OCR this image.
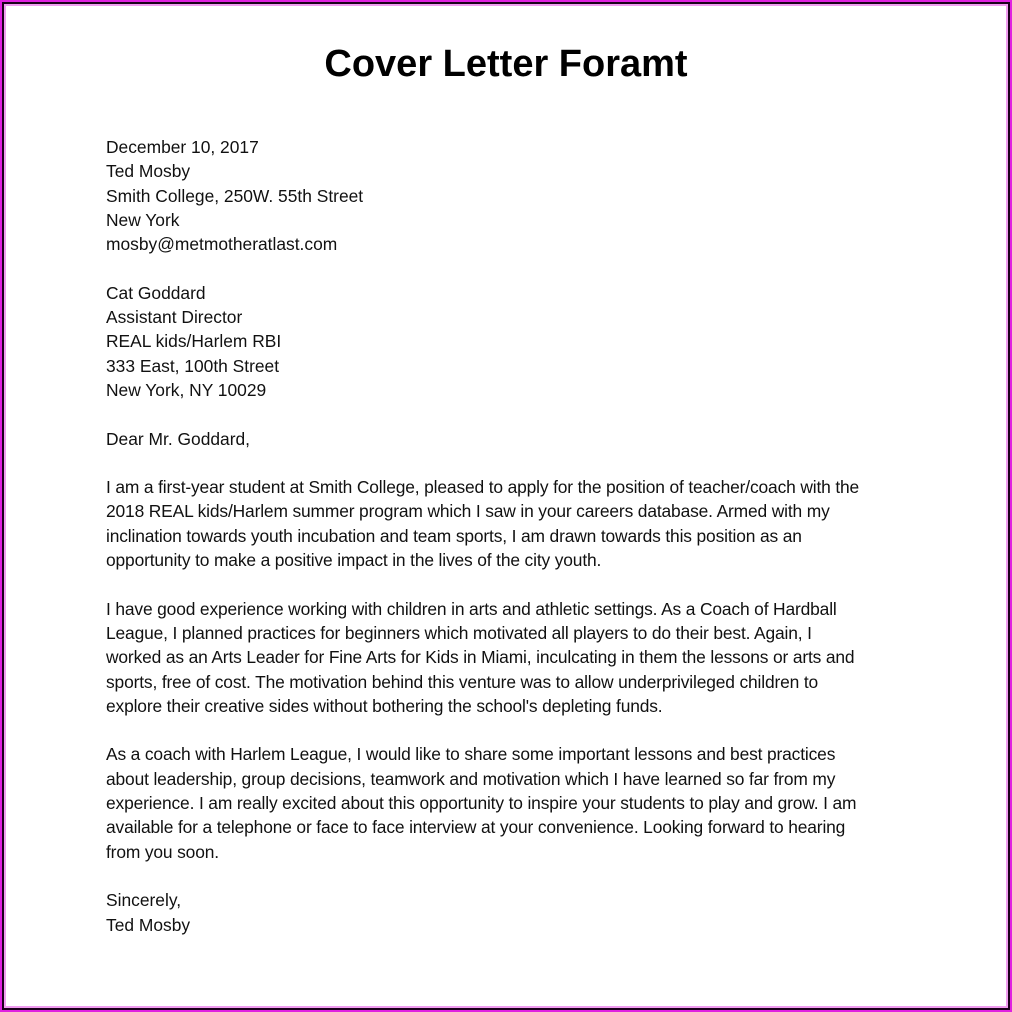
Cover Letter Foramt
December 10, 2017
Ted Mosby
Smith College, 250W. 55th Street
New York
mosby@metmotheratlast.com
Cat Goddard
Assistant Director
REAL kids/Harlem RBI
333 East, 100th Street
New York, NY 10029
Dear Mr. Goddard,
I am a first-year student at Smith College, pleased to apply for the position of teacher/coach with the
2018 REAL kids/Harlem summer program which I saw in your careers database. Armed with my
inclination towards youth incubation and team sports, I am drawn towards this position as an
opportunity to make a positive impact in the lives of the city youth.
I have good experience working with children in arts and athletic settings. As a Coach of Hardball
League, I planned practices for beginners which motivated all players to do their best. Again, I
worked as an Arts Leader for Fine Arts for Kids in Miami, inculcating in them the lessons or arts and
sports, free of cost. The motivation behind this venture was to allow underprivileged children to
explore their creative sides without bothering the school's depleting funds.
As a coach with Harlem League, I would like to share some important lessons and best practices
about leadership, group decisions, teamwork and motivation which I have learned so far from my
experience. I am really excited about this opportunity to inspire your students to play and grow. I am
available for a telephone or face to face interview at your convenience. Looking forward to hearing
from you soon.
Sincerely,
Ted Mosby
